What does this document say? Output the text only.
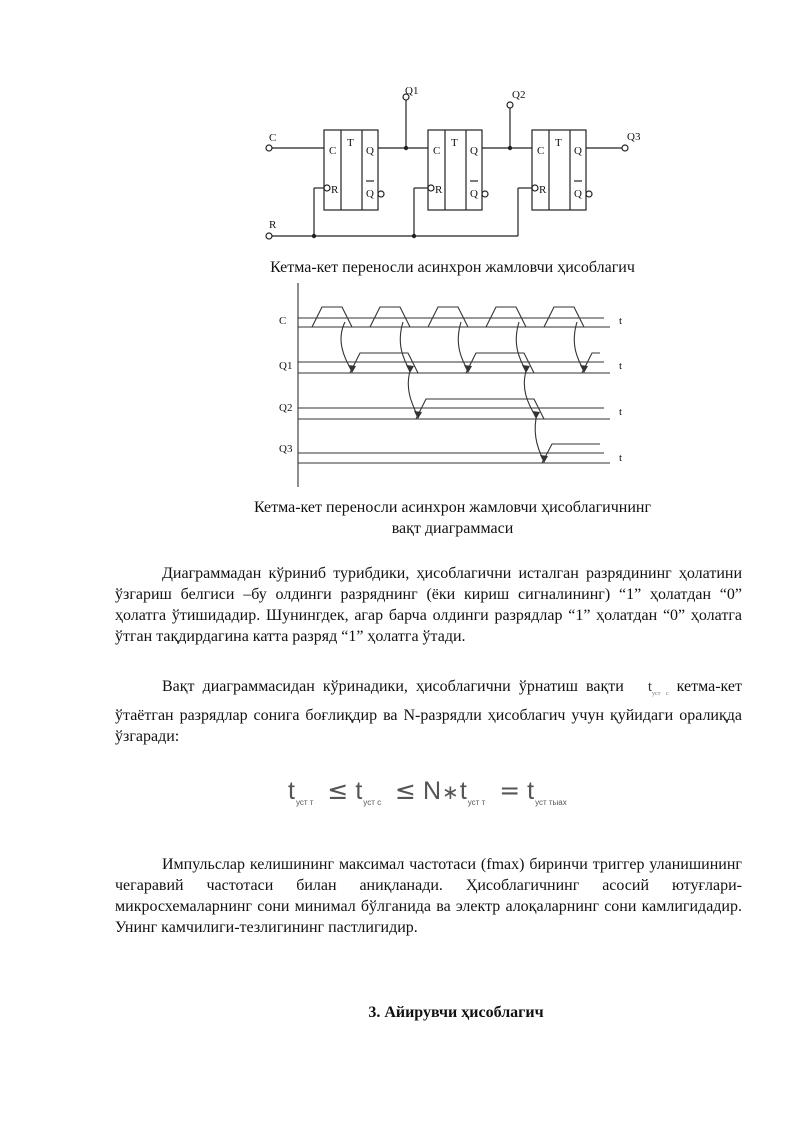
C
R
Q1	Q2
Q3
C
T
Q
R	Q
C
T
Q
R	Q
C
T
Q
R	Q
Кетма-кет переносли асинхрон жамловчи ҳисоблагич
C
Q1
Q2
Q3
t
t
t
t
Кетма-кет переносли асинхрон жамловчи ҳисоблагичнинг
вақт диаграммаси
Диаграммадан кўриниб турибдики, ҳисоблагични исталган разрядининг ҳолатини ўзгариш белгиси –бу олдинги разряднинг (ёки кириш сигналининг) “1” ҳолатдан “0” ҳолатга ўтишидадир. Шунингдек, агар барча олдинги разрядлар “1” ҳолатдан “0” ҳолатга ўтган тақдирдагина катта разряд “1” ҳолатга ўтади.
Вақт диаграммасидан кўринадики, ҳисоблагични ўрнатиш вақти $t_{уст с}$ кетма-кет ўтаётган разрядлар сонига боғлиқдир ва N-разрядли ҳисоблагич учун қуйидаги оралиқда ўзгаради:
$t_{уст т} \le t_{уст с}$ ≤ $N∗t_{уст т} = t_{уст тыах}$
Импульслар келишининг максимал частотаси (fmax) биринчи триггер уланишининг чегаравий частотаси билан аниқланади. Ҳисоблагичнинг асосий ютуғлари-микросхемаларнинг сони минимал бўлганида ва электр алоқаларнинг сони камлигидадир. Унинг камчилиги-тезлигининг пастлигидир.
3. Айирувчи ҳисоблагич
